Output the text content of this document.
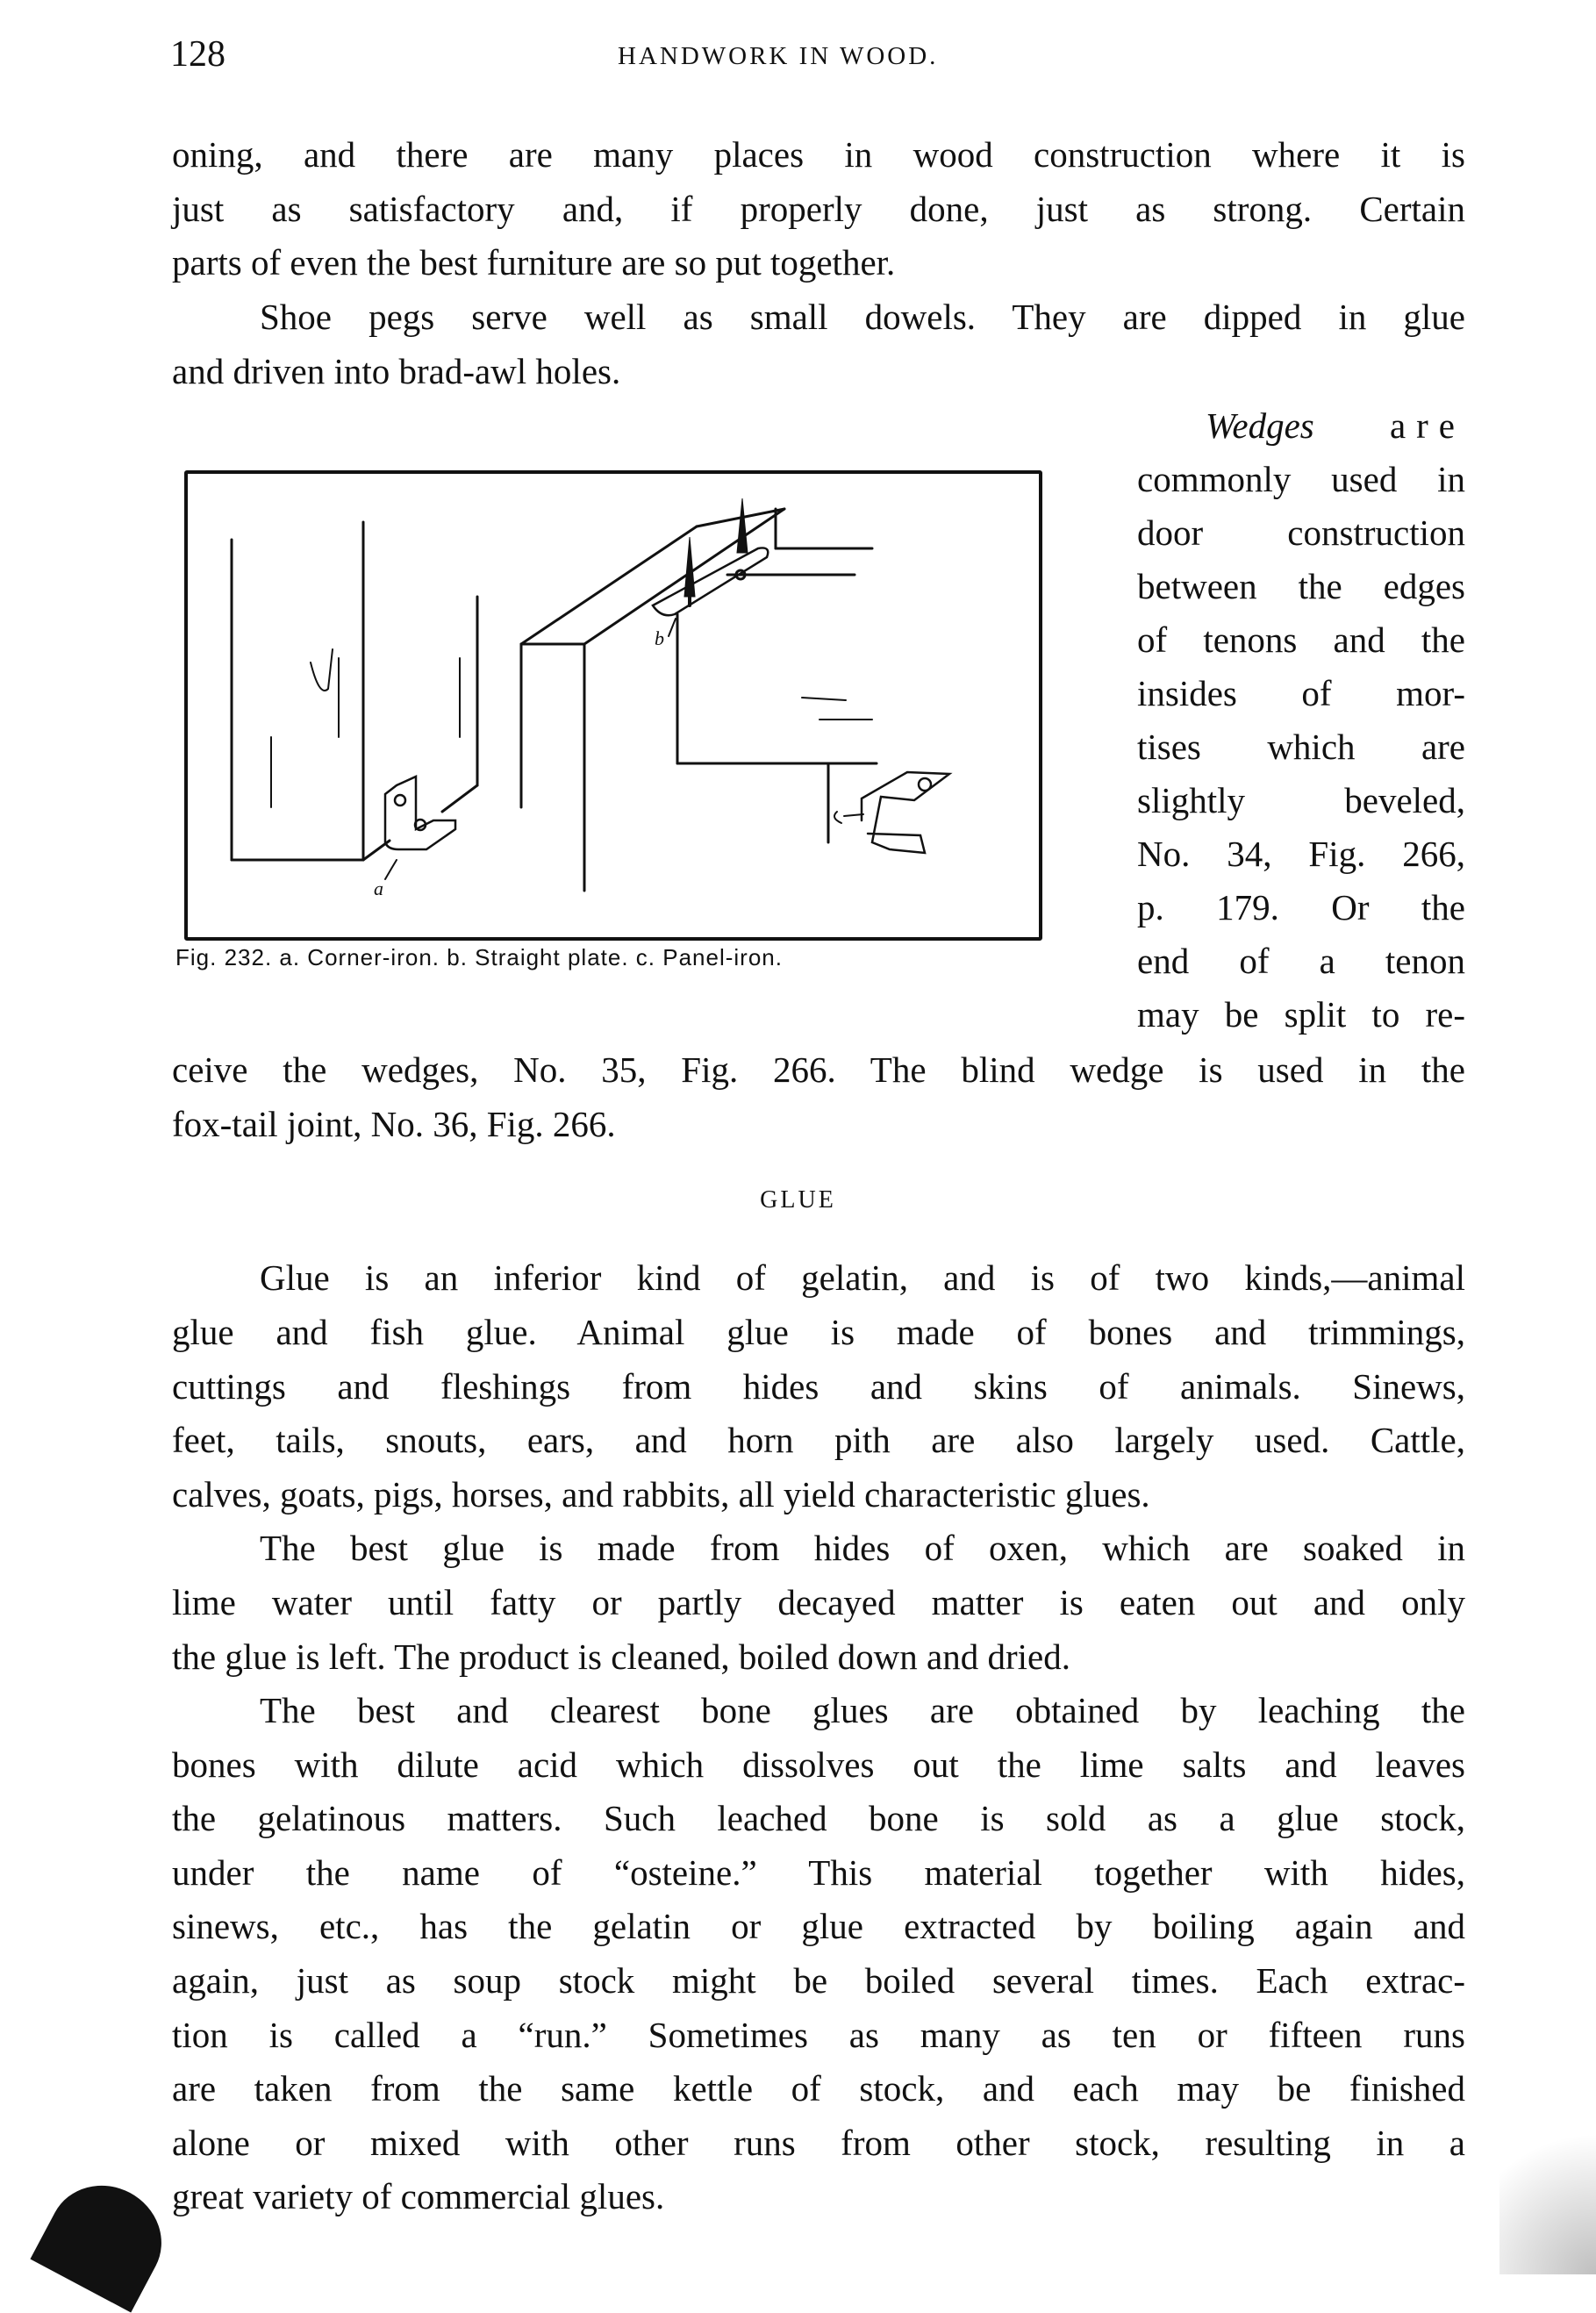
128	HANDWORK IN WOOD.
oning, and there are many places in wood construction where it is
just as satisfactory and, if properly done, just as strong. Certain
parts of even the best furniture are so put together.
Shoe pegs serve well as small dowels. They are dipped in glue
and driven into brad-awl holes.
Wedges are
commonly used in
door construction
between the edges
of tenons and the
insides of mor-
tises which are
slightly beveled,
No. 34, Fig. 266,
p. 179. Or the
end of a tenon
may be split to re-
ceive the wedges, No. 35, Fig. 266. The blind wedge is used in the
fox-tail joint, No. 36, Fig. 266.
a
b
Fig. 232. a. Corner-iron. b. Straight plate. c. Panel-iron.
GLUE
Glue is an inferior kind of gelatin, and is of two kinds,—animal
glue and fish glue. Animal glue is made of bones and trimmings,
cuttings and fleshings from hides and skins of animals. Sinews,
feet, tails, snouts, ears, and horn pith are also largely used. Cattle,
calves, goats, pigs, horses, and rabbits, all yield characteristic glues.
The best glue is made from hides of oxen, which are soaked in
lime water until fatty or partly decayed matter is eaten out and only
the glue is left. The product is cleaned, boiled down and dried.
The best and clearest bone glues are obtained by leaching the
bones with dilute acid which dissolves out the lime salts and leaves
the gelatinous matters. Such leached bone is sold as a glue stock,
under the name of “osteine.” This material together with hides,
sinews, etc., has the gelatin or glue extracted by boiling again and
again, just as soup stock might be boiled several times. Each extrac-
tion is called a “run.” Sometimes as many as ten or fifteen runs
are taken from the same kettle of stock, and each may be finished
alone or mixed with other runs from other stock, resulting in a
great variety of commercial glues.
